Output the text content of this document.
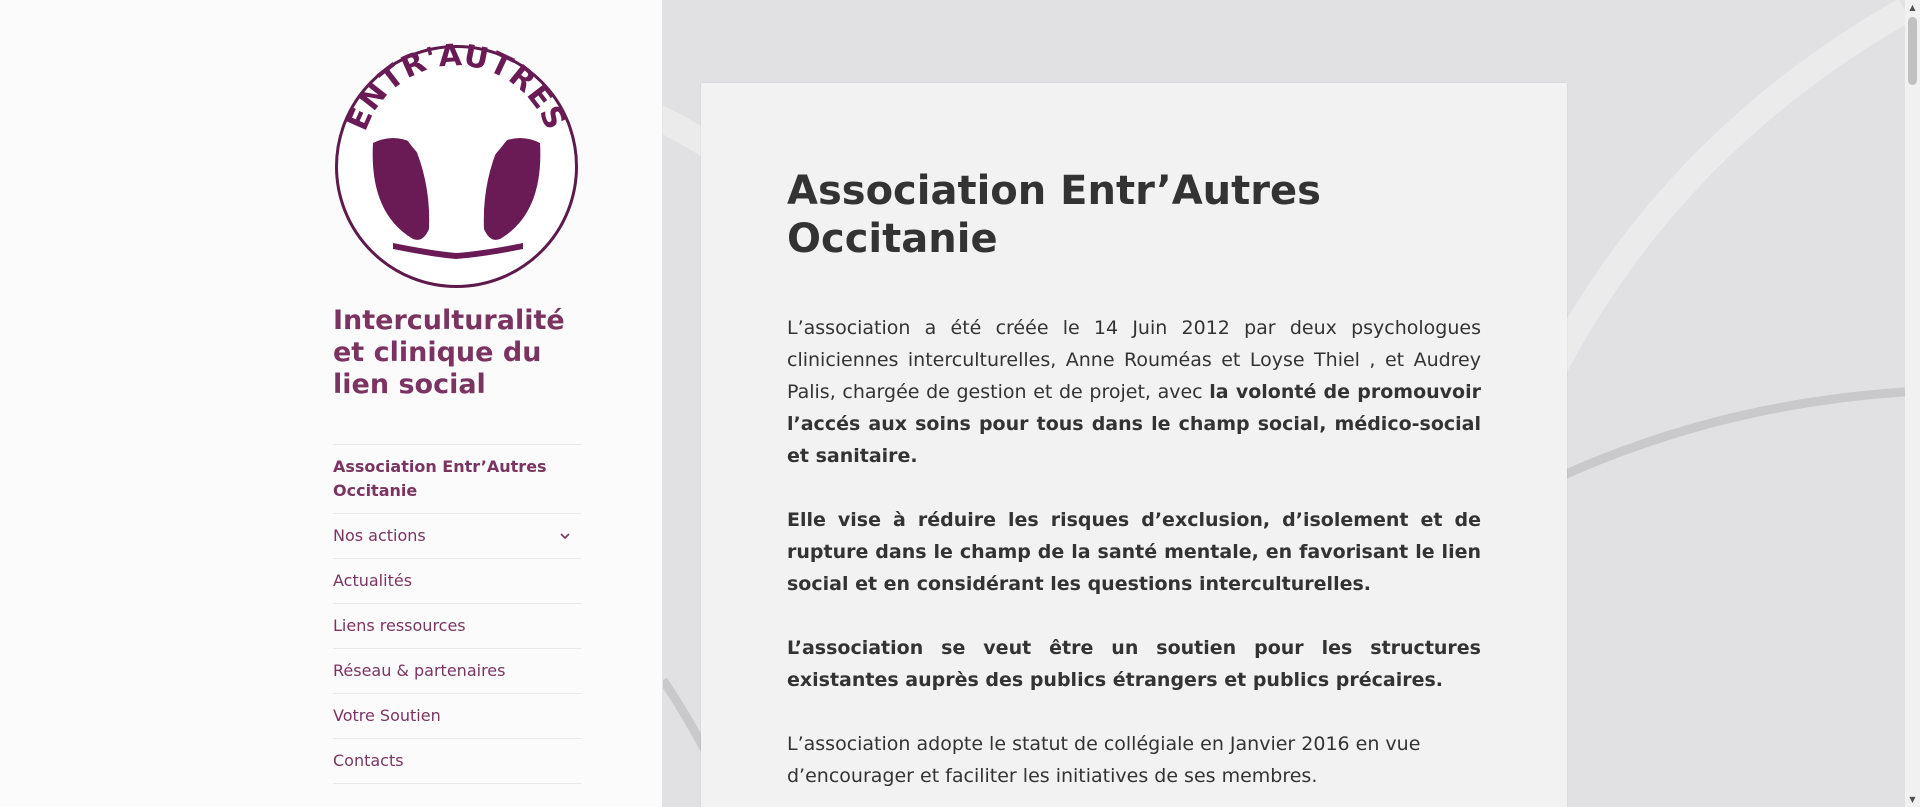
ENTR'AUTRES
Interculturalité et clinique du lien social
Association Entr’Autres Occitanie
Nos actions
Actualités
Liens ressources
Réseau & partenaires
Votre Soutien
Contacts
Association Entr’Autres Occitanie

L’association a été créée le 14 Juin 2012 par deux psychologues cliniciennes interculturelles, Anne Rouméas et Loyse Thiel , et Audrey Palis, chargée de gestion et de projet, avec la volonté de promouvoir l’accés aux soins pour tous dans le champ social, médico-social et sanitaire.

Elle vise à réduire les risques d’exclusion, d’isolement et de rupture dans le champ de la santé mentale, en favorisant le lien social et en considérant les questions interculturelles.

L’association se veut être un soutien pour les structures existantes auprès des publics étrangers et publics précaires.

L’association adopte le statut de collégiale en Janvier 2016 en vue d’encourager et faciliter les initiatives de ses membres.

▲
▼
